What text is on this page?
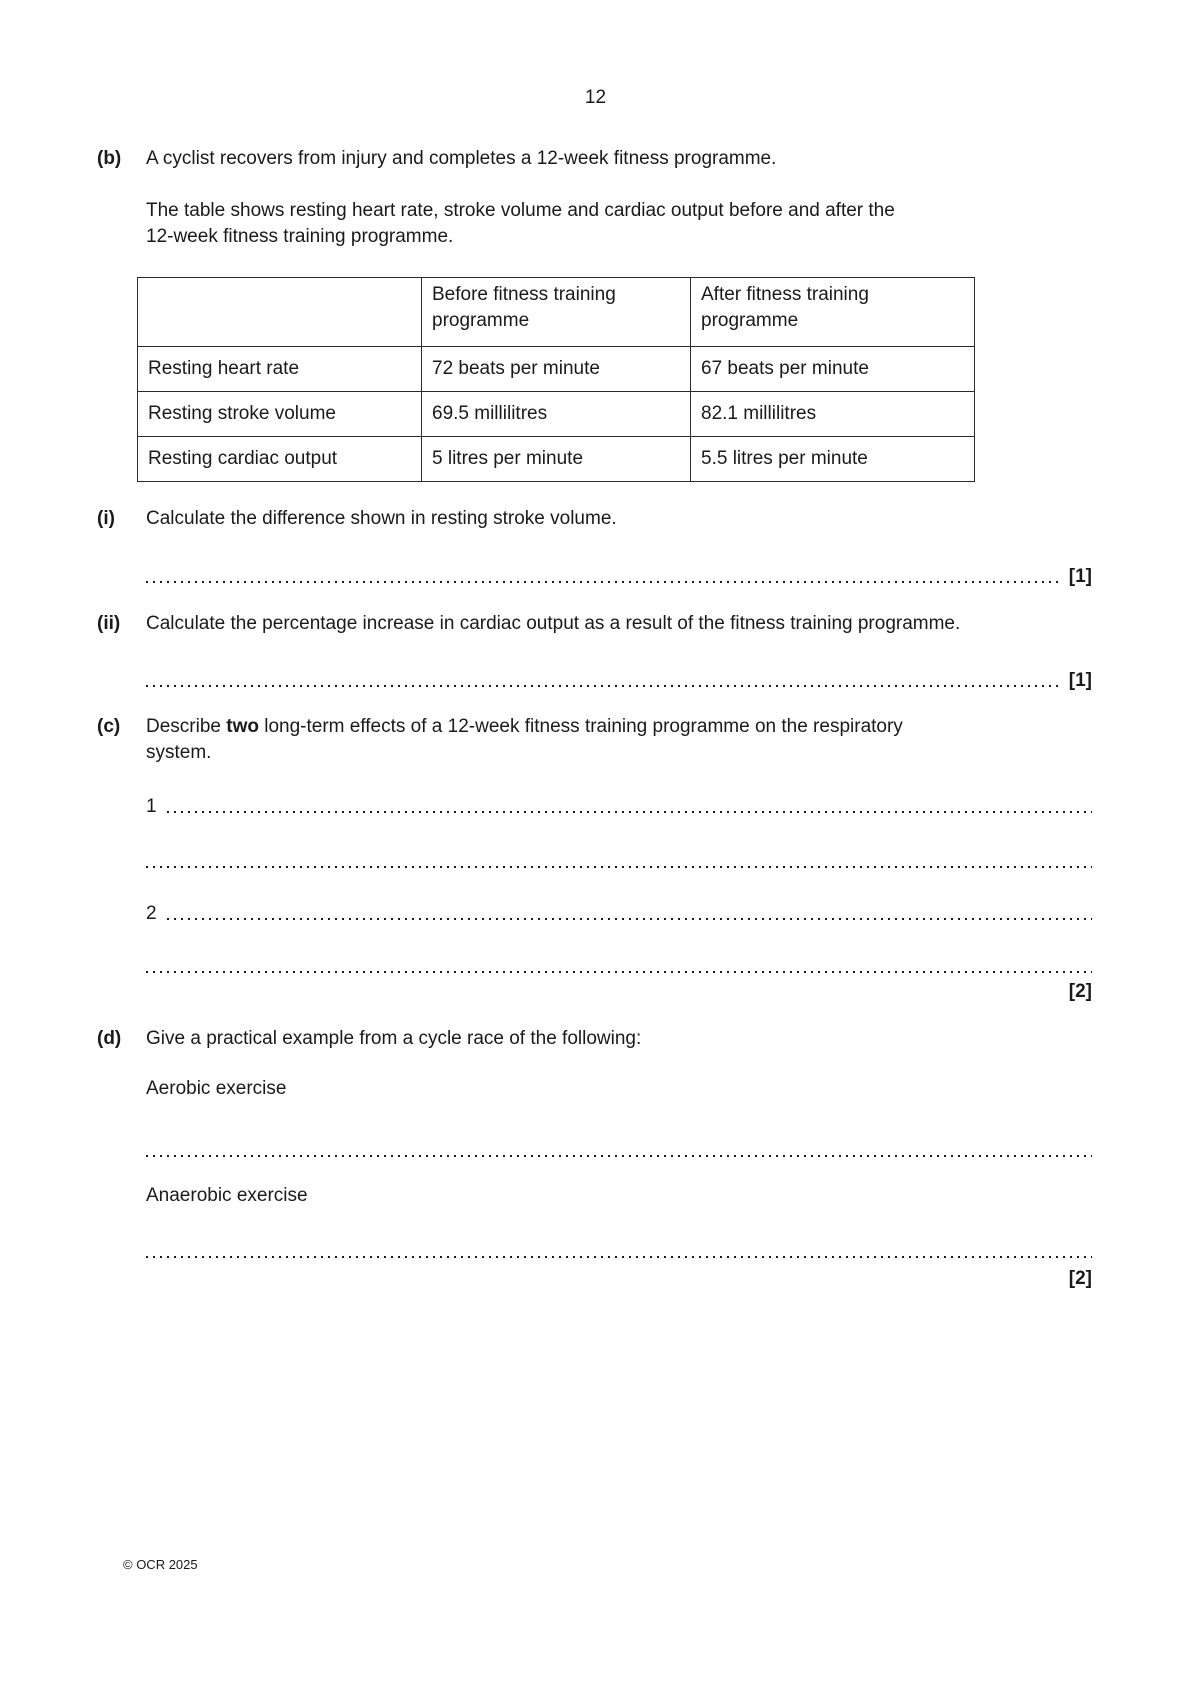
12
(b)	A cyclist recovers from injury and completes a 12-week fitness programme.
The table shows resting heart rate, stroke volume and cardiac output before and after the
12-week fitness training programme.
	Before fitness training programme	After fitness training programme
Resting heart rate	72 beats per minute	67 beats per minute
Resting stroke volume	69.5 millilitres	82.1 millilitres
Resting cardiac output	5 litres per minute	5.5 litres per minute
(i)	Calculate the difference shown in resting stroke volume.
[1]
(ii)	Calculate the percentage increase in cardiac output as a result of the fitness training programme.
[1]
(c)	Describe two long-term effects of a 12-week fitness training programme on the respiratory
system.
1
2
[2]
(d)	Give a practical example from a cycle race of the following:
Aerobic exercise
Anaerobic exercise
[2]
© OCR 2025
